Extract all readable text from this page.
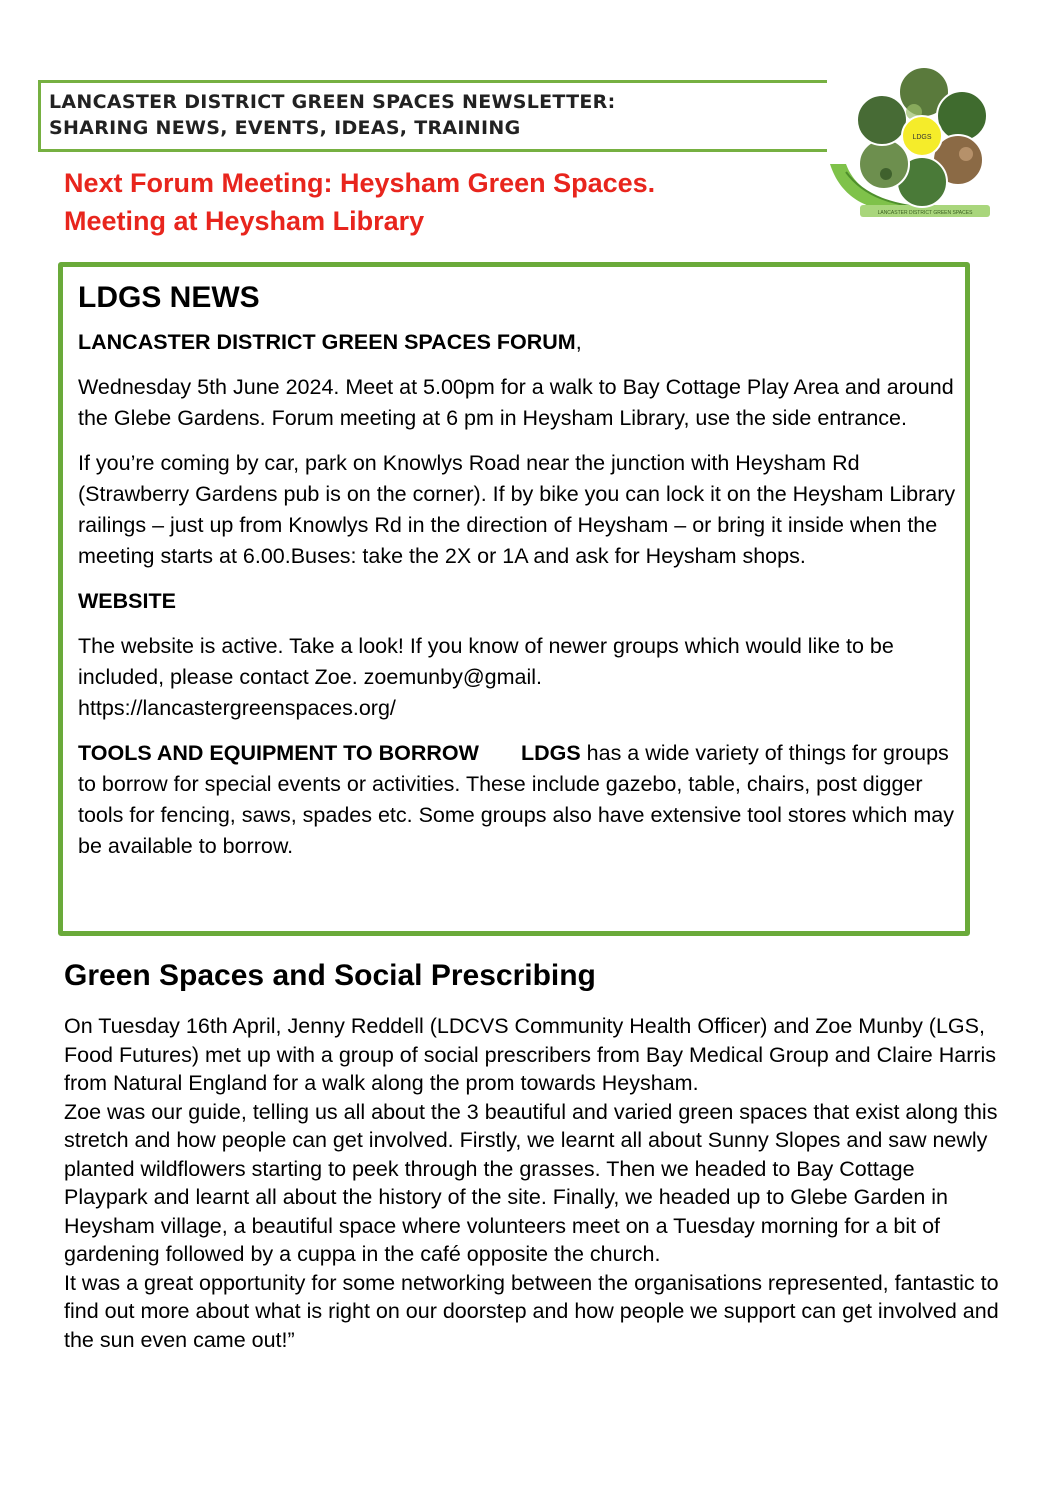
LANCASTER DISTRICT GREEN SPACES NEWSLETTER:
SHARING NEWS, EVENTS, IDEAS, TRAINING
LANCASTER DISTRICT GREEN SPACES
LDGS
Next Forum Meeting: Heysham Green Spaces.
Meeting at Heysham Library
LDGS NEWS

LANCASTER DISTRICT GREEN SPACES FORUM,

Wednesday 5th June 2024. Meet at 5.00pm for a walk to Bay Cottage Play Area and around the Glebe Gardens. Forum meeting at 6 pm in Heysham Library, use the side entrance.

If you’re coming by car, park on Knowlys Road near the junction with Heysham Rd (Strawberry Gardens pub is on the corner). If by bike you can lock it on the Heysham Library railings – just up from Knowlys Rd in the direction of Heysham – or bring it inside when the meeting starts at 6.00.Buses: take the 2X or 1A and ask for Heysham shops.

WEBSITE

The website is active. Take a look! If you know of newer groups which would like to be included, please contact Zoe. zoemunby@gmail.
https://lancastergreenspaces.org/

TOOLS AND EQUIPMENT TO BORROW LDGS has a wide variety of things for groups to borrow for special events or activities. These include gazebo, table, chairs, post digger tools for fencing, saws, spades etc. Some groups also have extensive tool stores which may be available to borrow.

Green Spaces and Social Prescribing

On Tuesday 16th April, Jenny Reddell (LDCVS Community Health Officer) and Zoe Munby (LGS, Food Futures) met up with a group of social prescribers from Bay Medical Group and Claire Harris from Natural England for a walk along the prom towards Heysham.

Zoe was our guide, telling us all about the 3 beautiful and varied green spaces that exist along this stretch and how people can get involved. Firstly, we learnt all about Sunny Slopes and saw newly planted wildflowers starting to peek through the grasses. Then we headed to Bay Cottage Playpark and learnt all about the history of the site. Finally, we headed up to Glebe Garden in Heysham village, a beautiful space where volunteers meet on a Tuesday morning for a bit of gardening followed by a cuppa in the café opposite the church.

It was a great opportunity for some networking between the organisations represented, fantastic to find out more about what is right on our doorstep and how people we support can get involved and the sun even came out!”
